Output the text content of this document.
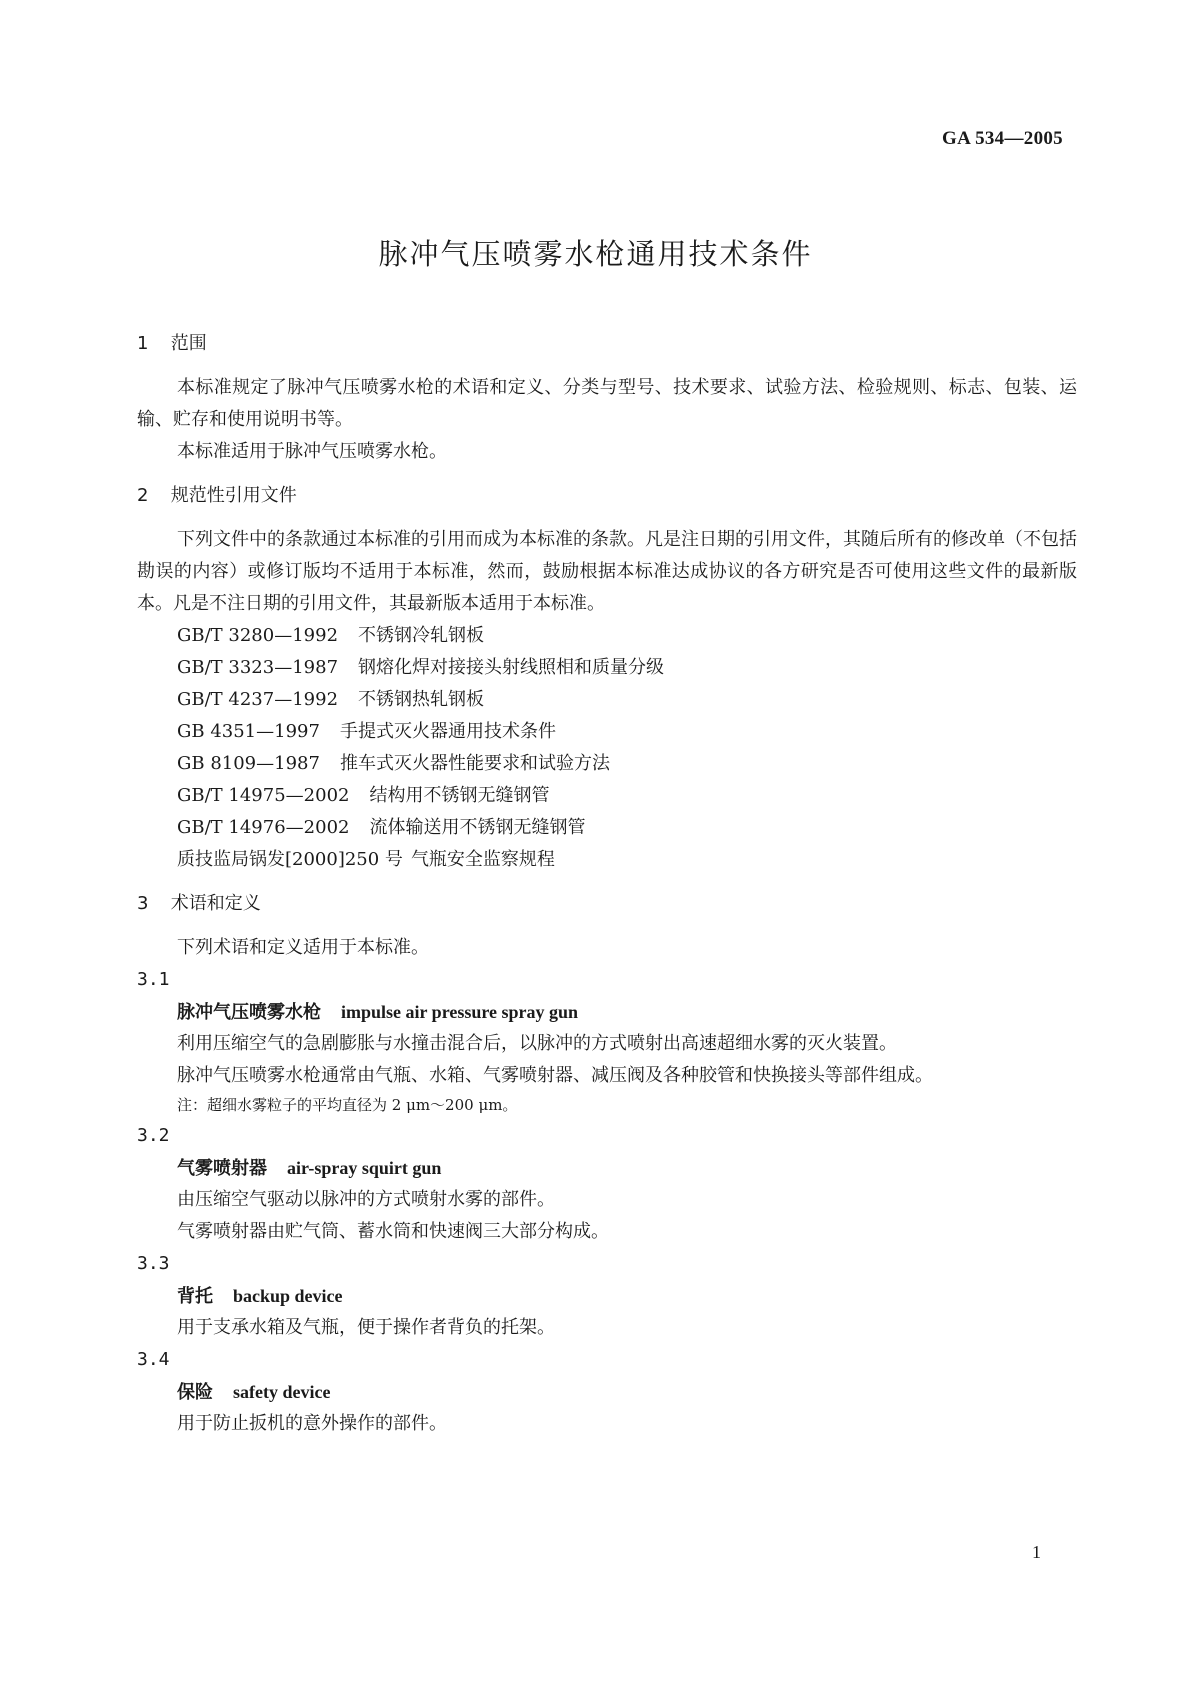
GA 534—2005
脉冲气压喷雾水枪通用技术条件
1 范围

本标准规定了脉冲气压喷雾水枪的术语和定义、分类与型号、技术要求、试验方法、检验规则、标志、包装、运输、贮存和使用说明书等。

本标准适用于脉冲气压喷雾水枪。

2 规范性引用文件

下列文件中的条款通过本标准的引用而成为本标准的条款。凡是注日期的引用文件，其随后所有的修改单（不包括勘误的内容）或修订版均不适用于本标准，然而，鼓励根据本标准达成协议的各方研究是否可使用这些文件的最新版本。凡是不注日期的引用文件，其最新版本适用于本标准。

GB/T 3280—1992 不锈钢冷轧钢板
GB/T 3323—1987 钢熔化焊对接接头射线照相和质量分级
GB/T 4237—1992 不锈钢热轧钢板
GB 4351—1997 手提式灭火器通用技术条件
GB 8109—1987 推车式灭火器性能要求和试验方法
GB/T 14975—2002 结构用不锈钢无缝钢管
GB/T 14976—2002 流体输送用不锈钢无缝钢管
质技监局锅发[2000]250 号 气瓶安全监察规程
3 术语和定义

下列术语和定义适用于本标准。

3.1
脉冲气压喷雾水枪 impulse air pressure spray gun
利用压缩空气的急剧膨胀与水撞击混合后，以脉冲的方式喷射出高速超细水雾的灭火装置。
脉冲气压喷雾水枪通常由气瓶、水箱、气雾喷射器、减压阀及各种胶管和快换接头等部件组成。
注：超细水雾粒子的平均直径为 2 μm～200 μm。
3.2
气雾喷射器 air-spray squirt gun
由压缩空气驱动以脉冲的方式喷射水雾的部件。
气雾喷射器由贮气筒、蓄水筒和快速阀三大部分构成。
3.3
背托 backup device
用于支承水箱及气瓶，便于操作者背负的托架。
3.4
保险 safety device
用于防止扳机的意外操作的部件。
1
